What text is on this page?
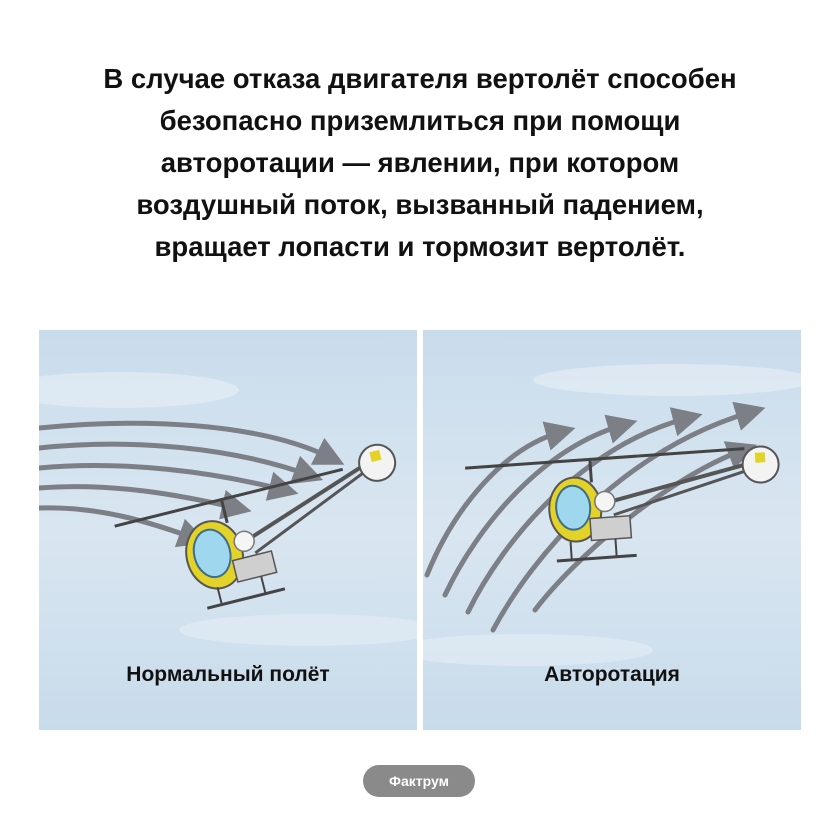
В случае отказа двигателя вертолёт способен
безопасно приземлиться при помощи
авторотации — явлении, при котором
воздушный поток, вызванный падением,
вращает лопасти и тормозит вертолёт.
Нормальный полёт	Авторотация
Фактрум
